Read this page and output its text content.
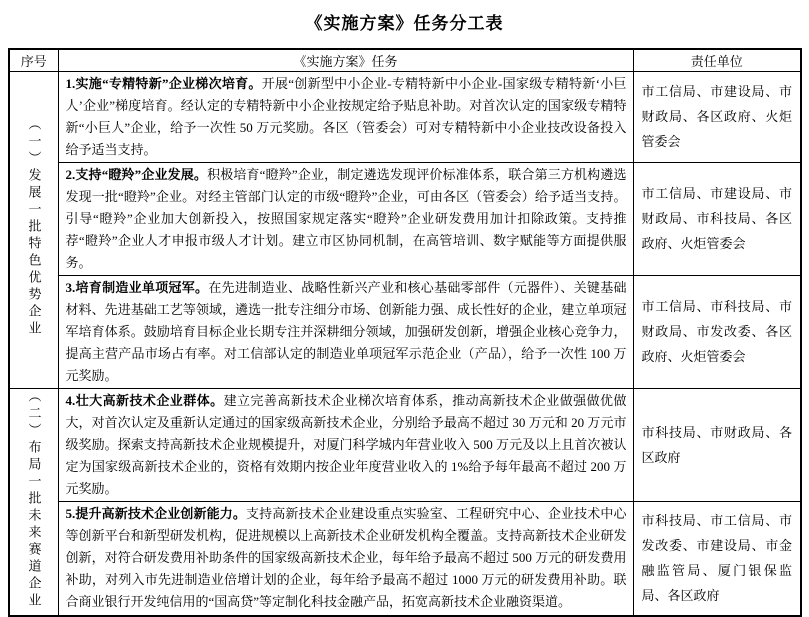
《实施方案》任务分工表
序号	《实施方案》任务	责任单位
（一）发展一批特色优势企业	1.实施“专精特新”企业梯次培育。开展“创新型中小企业-专精特新中小企业-国家级专精特新‘小巨人’企业”梯度培育。经认定的专精特新中小企业按规定给予贴息补助。对首次认定的国家级专精特新“小巨人”企业，给予一次性 50 万元奖励。各区（管委会）可对专精特新中小企业技改设备投入给予适当支持。	市工信局、市建设局、市财政局、各区政府、火炬管委会
	2.支持“瞪羚”企业发展。积极培育“瞪羚”企业，制定遴选发现评价标准体系，联合第三方机构遴选发现一批“瞪羚”企业。对经主管部门认定的市级“瞪羚”企业，可由各区（管委会）给予适当支持。引导“瞪羚”企业加大创新投入，按照国家规定落实“瞪羚”企业研发费用加计扣除政策。支持推荐“瞪羚”企业人才申报市级人才计划。建立市区协同机制，在高管培训、数字赋能等方面提供服务。	市工信局、市建设局、市财政局、市科技局、各区政府、火炬管委会
	3.培育制造业单项冠军。在先进制造业、战略性新兴产业和核心基础零部件（元器件）、关键基础材料、先进基础工艺等领域，遴选一批专注细分市场、创新能力强、成长性好的企业，建立单项冠军培育体系。鼓励培育目标企业长期专注并深耕细分领域，加强研发创新，增强企业核心竞争力，提高主营产品市场占有率。对工信部认定的制造业单项冠军示范企业（产品），给予一次性 100 万元奖励。	市工信局、市科技局、市财政局、市发改委、各区政府、火炬管委会
（二）布局一批未来赛道企业	4.壮大高新技术企业群体。建立完善高新技术企业梯次培育体系，推动高新技术企业做强做优做大，对首次认定及重新认定通过的国家级高新技术企业，分别给予最高不超过 30 万元和 20 万元市级奖励。探索支持高新技术企业规模提升，对厦门科学城内年营业收入 500 万元及以上且首次被认定为国家级高新技术企业的，资格有效期内按企业年度营业收入的 1%给予每年最高不超过 200 万元奖励。	市科技局、市财政局、各区政府
	5.提升高新技术企业创新能力。支持高新技术企业建设重点实验室、工程研究中心、企业技术中心等创新平台和新型研发机构，促进规模以上高新技术企业研发机构全覆盖。支持高新技术企业研发创新，对符合研发费用补助条件的国家级高新技术企业，每年给予最高不超过 500 万元的研发费用补助，对列入市先进制造业倍增计划的企业，每年给予最高不超过 1000 万元的研发费用补助。联合商业银行开发纯信用的“国高贷”等定制化科技金融产品，拓宽高新技术企业融资渠道。	市科技局、市工信局、市发改委、市建设局、市金融监管局、厦门银保监局、各区政府
